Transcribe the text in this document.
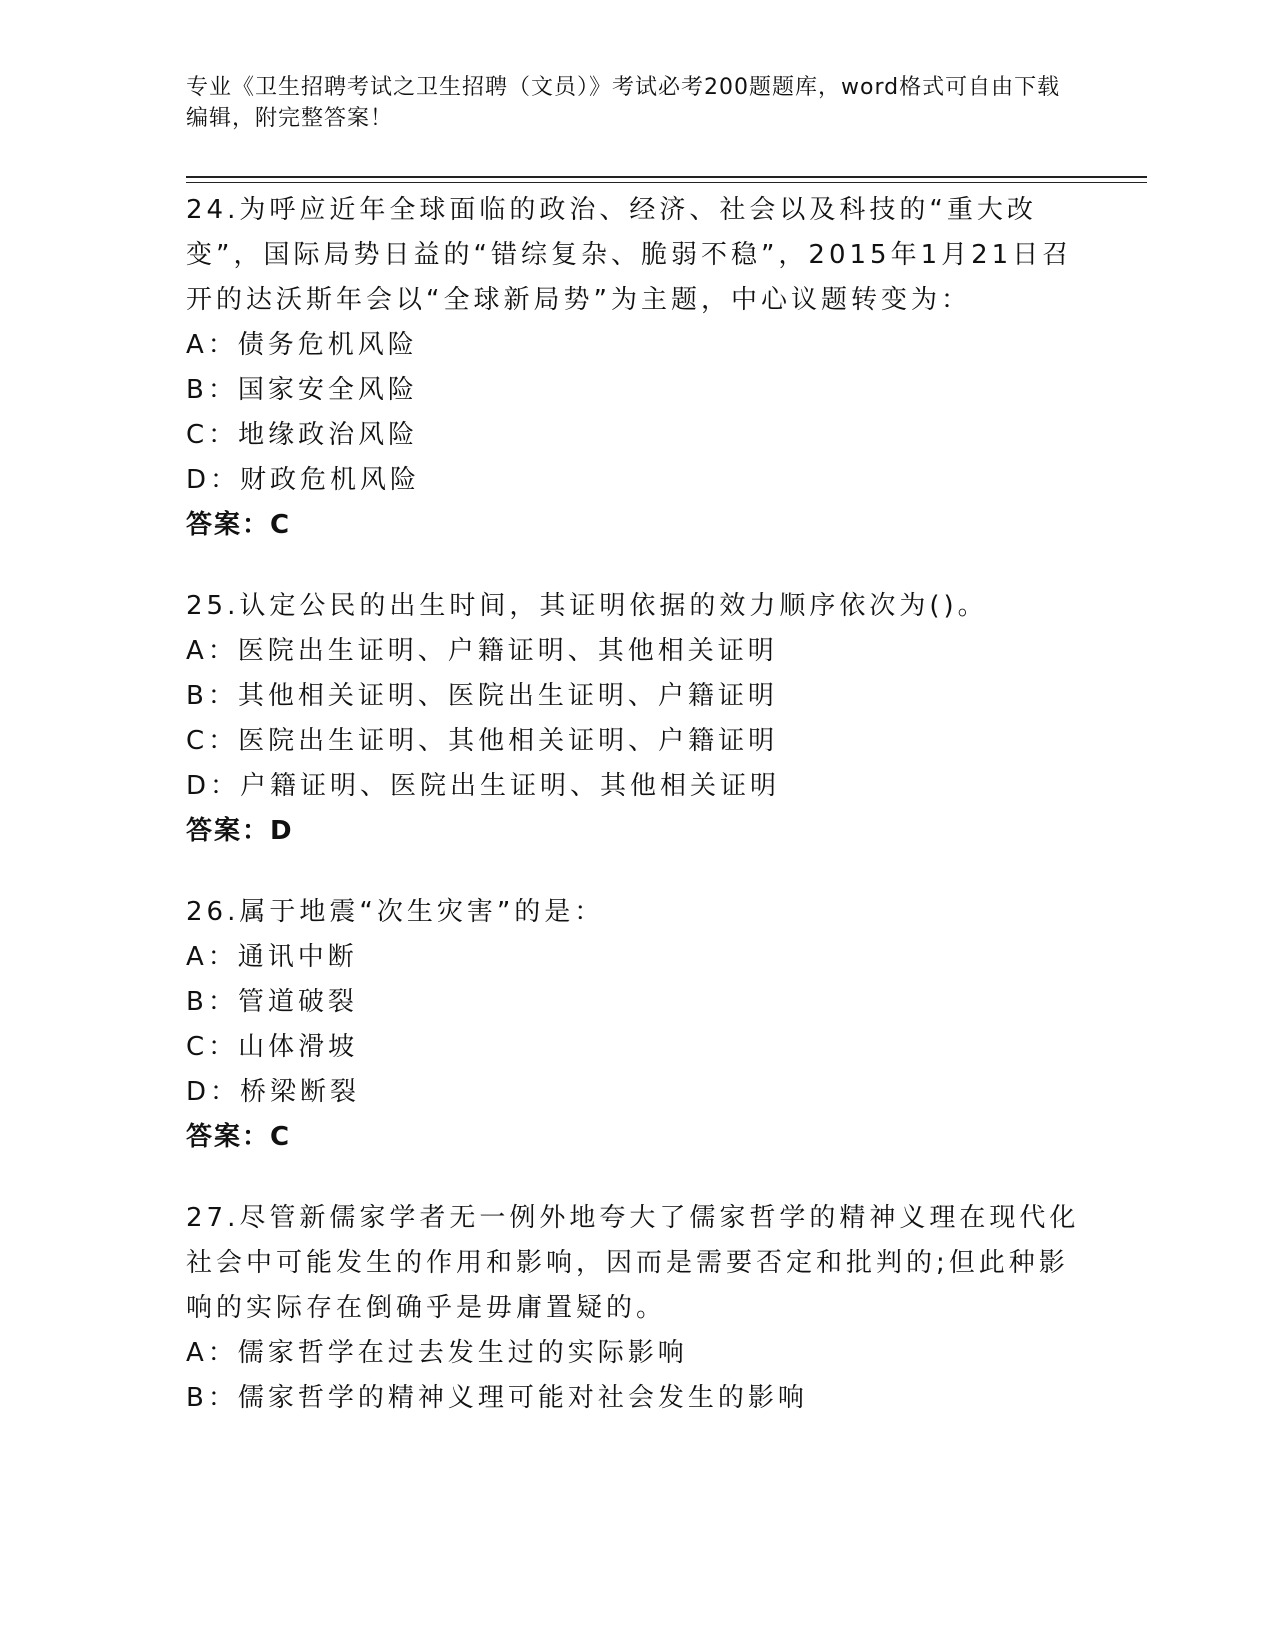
专业《卫生招聘考试之卫生招聘（文员）》考试必考200题题库，word格式可自由下载编辑，附完整答案！
24.为呼应近年全球面临的政治、经济、社会以及科技的“重大改变”，国际局势日益的“错综复杂、脆弱不稳”，2015年1月21日召开的达沃斯年会以“全球新局势”为主题，中心议题转变为：
A：债务危机风险
B：国家安全风险
C：地缘政治风险
D：财政危机风险
答案：C
25.认定公民的出生时间，其证明依据的效力顺序依次为()。
A：医院出生证明、户籍证明、其他相关证明
B：其他相关证明、医院出生证明、户籍证明
C：医院出生证明、其他相关证明、户籍证明
D：户籍证明、医院出生证明、其他相关证明
答案：D
26.属于地震“次生灾害”的是：
A：通讯中断
B：管道破裂
C：山体滑坡
D：桥梁断裂
答案：C
27.尽管新儒家学者无一例外地夸大了儒家哲学的精神义理在现代化社会中可能发生的作用和影响，因而是需要否定和批判的;但此种影响的实际存在倒确乎是毋庸置疑的。
A：儒家哲学在过去发生过的实际影响
B：儒家哲学的精神义理可能对社会发生的影响
